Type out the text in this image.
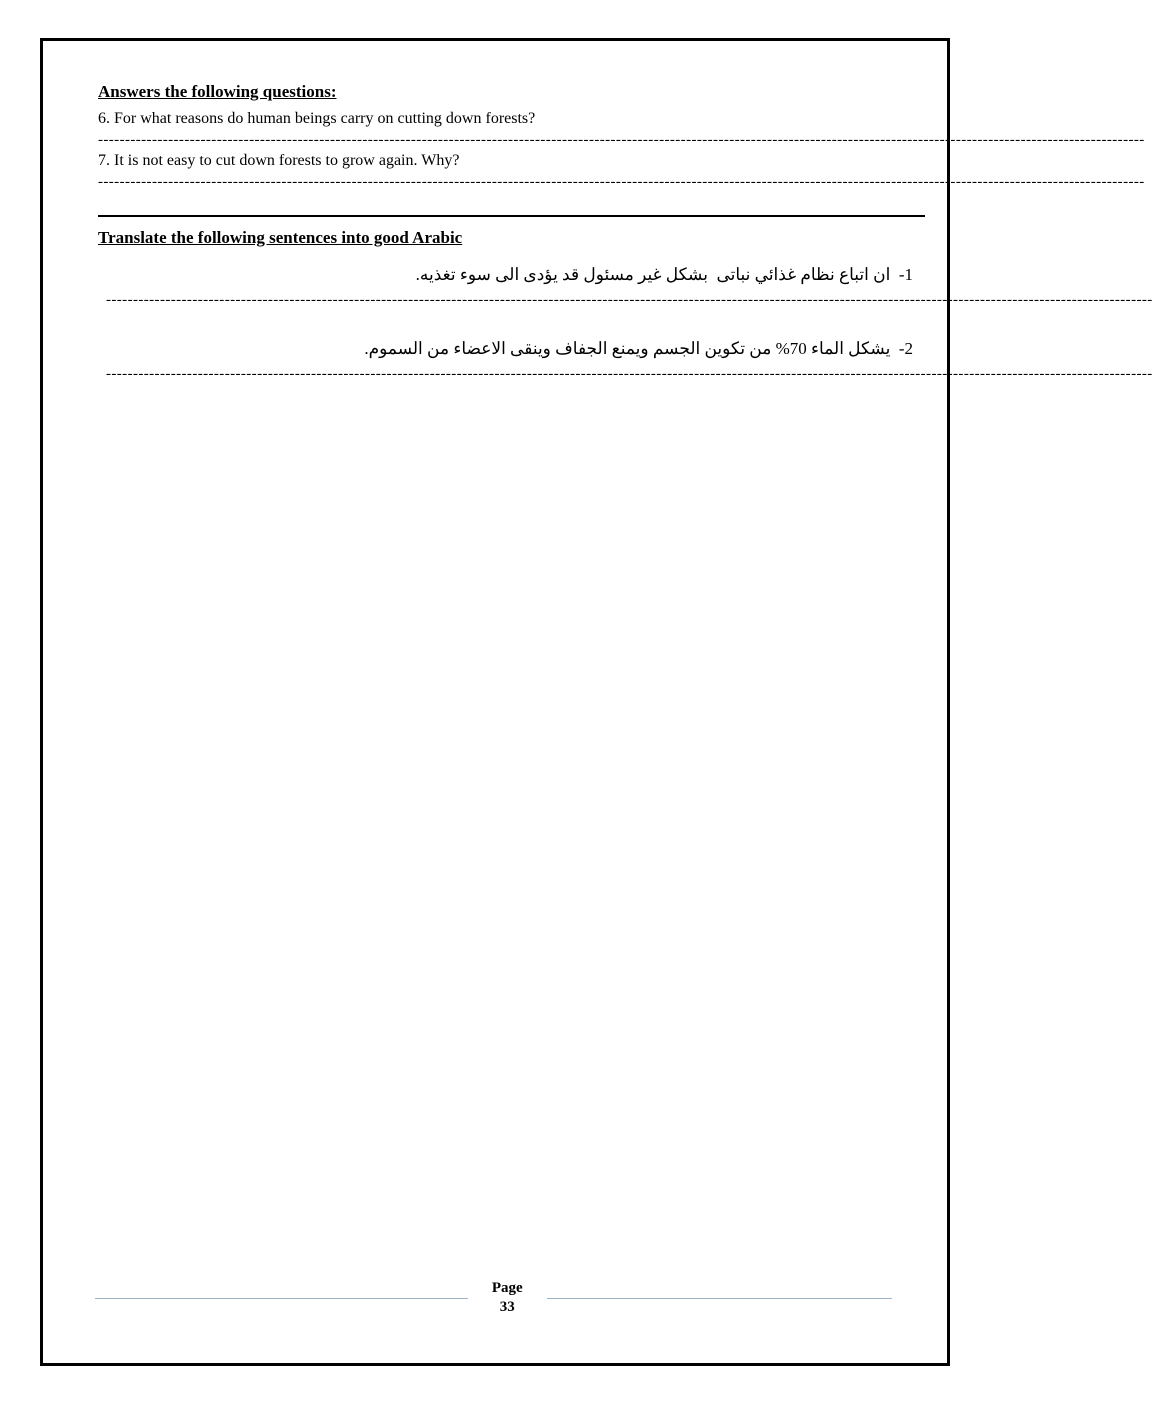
Answers the following questions:

6. For what reasons do human beings carry on cutting down forests?

--------------------------------------------------------------------------------------------------------------------------------------------------------------------------------------------------

7. It is not easy to cut down forests to grow again. Why?

--------------------------------------------------------------------------------------------------------------------------------------------------------------------------------------------------
Translate the following sentences into good Arabic
1-  ان اتباع نظام غذائي نباتى  بشكل غير مسئول قد يؤدى الى سوء تغذيه.
--------------------------------------------------------------------------------------------------------------------------------------------------------------------------------------------------
2-  يشكل الماء 70% من تكوين الجسم ويمنع الجفاف وينقى الاعضاء من السموم.
--------------------------------------------------------------------------------------------------------------------------------------------------------------------------------------------------
Page
33
